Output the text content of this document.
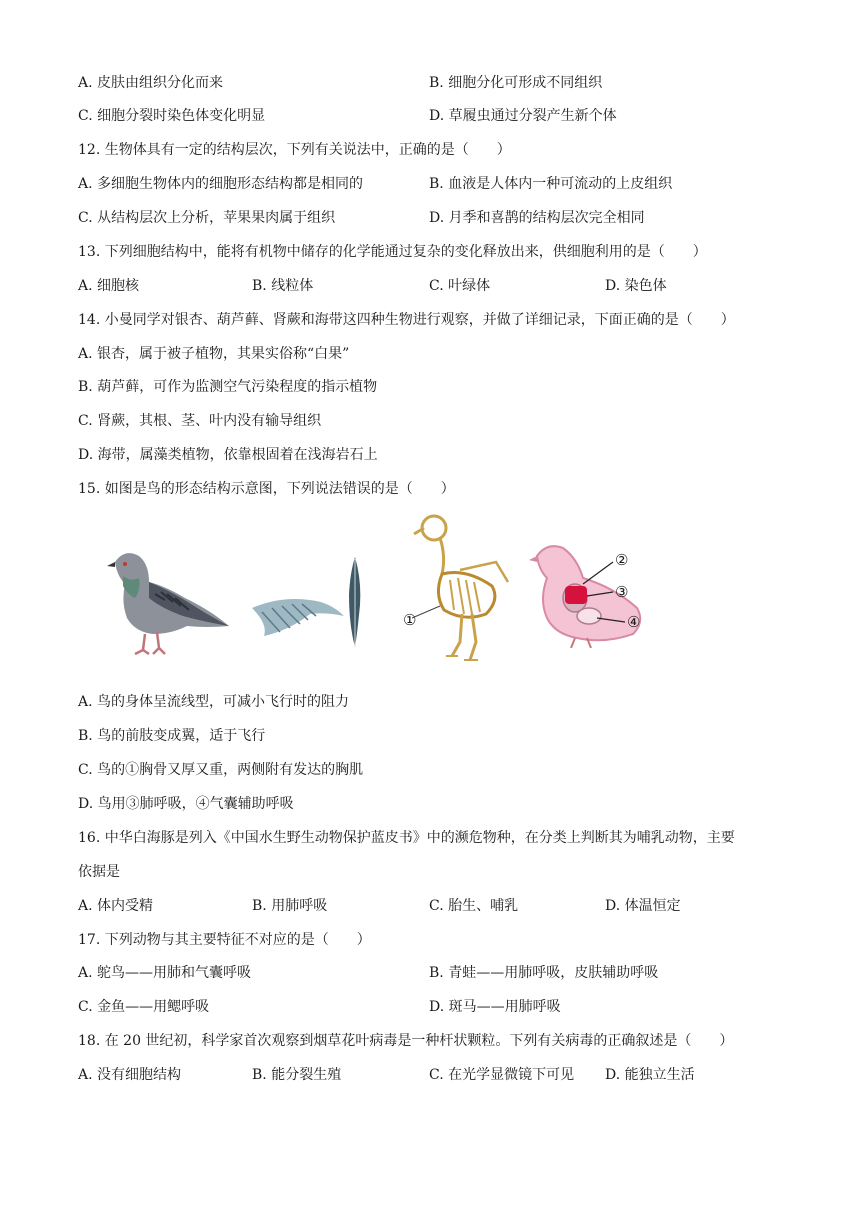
A. 皮肤由组织分化而来	B. 细胞分化可形成不同组织
C. 细胞分裂时染色体变化明显	D. 草履虫通过分裂产生新个体
12. 生物体具有一定的结构层次，下列有关说法中，正确的是（　　）
A. 多细胞生物体内的细胞形态结构都是相同的	B. 血液是人体内一种可流动的上皮组织
C. 从结构层次上分析，苹果果肉属于组织	D. 月季和喜鹊的结构层次完全相同
13. 下列细胞结构中，能将有机物中储存的化学能通过复杂的变化释放出来，供细胞利用的是（　　）
A. 细胞核	B. 线粒体	C. 叶绿体	D. 染色体
14. 小曼同学对银杏、葫芦藓、肾蕨和海带这四种生物进行观察，并做了详细记录，下面正确的是（　　）
A. 银杏，属于被子植物，其果实俗称“白果”
B. 葫芦藓，可作为监测空气污染程度的指示植物
C. 肾蕨，其根、茎、叶内没有输导组织
D. 海带，属藻类植物，依靠根固着在浅海岩石上
15. 如图是鸟的形态结构示意图，下列说法错误的是（　　）
①
②
③
④
A. 鸟的身体呈流线型，可减小飞行时的阻力
B. 鸟的前肢变成翼，适于飞行
C. 鸟的①胸骨又厚又重，两侧附有发达的胸肌
D. 鸟用③肺呼吸，④气囊辅助呼吸
16. 中华白海豚是列入《中国水生野生动物保护蓝皮书》中的濒危物种，在分类上判断其为哺乳动物，主要
依据是
A. 体内受精	B. 用肺呼吸	C. 胎生、哺乳	D. 体温恒定
17. 下列动物与其主要特征不对应的是（　　）
A. 鸵鸟——用肺和气囊呼吸	B. 青蛙——用肺呼吸，皮肤辅助呼吸
C. 金鱼——用鳃呼吸	D. 斑马——用肺呼吸
18. 在 20 世纪初，科学家首次观察到烟草花叶病毒是一种杆状颗粒。下列有关病毒的正确叙述是（　　）
A. 没有细胞结构	B. 能分裂生殖	C. 在光学显微镜下可见 D. 能独立生活
